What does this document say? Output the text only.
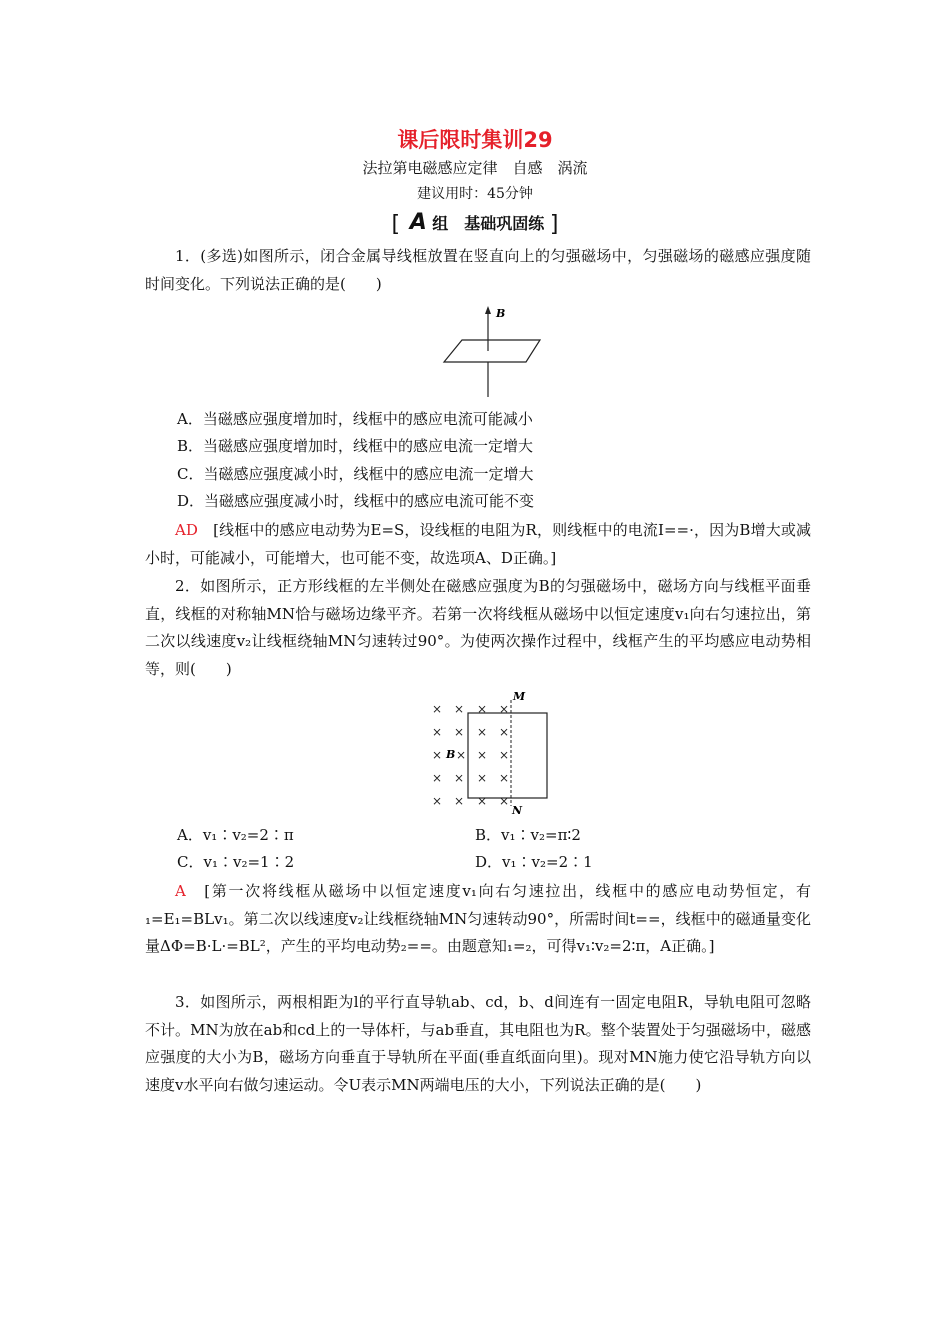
课后限时集训29
法拉第电磁感应定律　自感　涡流
建议用时：45分钟
[ A 组　基础巩固练 ]
1．(多选)如图所示，闭合金属导线框放置在竖直向上的匀强磁场中，匀强磁场的磁感应强度随时间变化。下列说法正确的是(　　)
B
A．当磁感应强度增加时，线框中的感应电流可能减小
B．当磁感应强度增加时，线框中的感应电流一定增大
C．当磁感应强度减小时，线框中的感应电流一定增大
D．当磁感应强度减小时，线框中的感应电流可能不变
AD　 [线框中的感应电动势为E=S，设线框的电阻为R，则线框中的电流I==·，因为B增大或减小时，可能减小，可能增大，也可能不变，故选项A、D正确。]
2．如图所示，正方形线框的左半侧处在磁感应强度为B的匀强磁场中，磁场方向与线框平面垂直，线框的对称轴MN恰与磁场边缘平齐。若第一次将线框从磁场中以恒定速度v₁向右匀速拉出，第二次以线速度v₂让线框绕轴MN匀速转过90°。为使两次操作过程中，线框产生的平均感应电动势相等，则(　　)
M
N
B
× × × ×
× × × ×
× × × ×
× × × ×
× × × ×
A．v₁∶v₂=2∶π	B．v₁∶v₂=π∶2
C．v₁∶v₂=1∶2	D．v₁∶v₂=2∶1
A　 [第一次将线框从磁场中以恒定速度v₁向右匀速拉出，线框中的感应电动势恒定，有₁=E₁=BLv₁。第二次以线速度v₂让线框绕轴MN匀速转动90°，所需时间t==，线框中的磁通量变化量ΔΦ=B·L·=BL²，产生的平均电动势₂==。由题意知₁=₂，可得v₁∶v₂=2∶π，A正确。]
3．如图所示，两根相距为l的平行直导轨ab、cd，b、d间连有一固定电阻R，导轨电阻可忽略不计。MN为放在ab和cd上的一导体杆，与ab垂直，其电阻也为R。整个装置处于匀强磁场中，磁感应强度的大小为B，磁场方向垂直于导轨所在平面(垂直纸面向里)。现对MN施力使它沿导轨方向以速度v水平向右做匀速运动。令U表示MN两端电压的大小，下列说法正确的是(　　)
